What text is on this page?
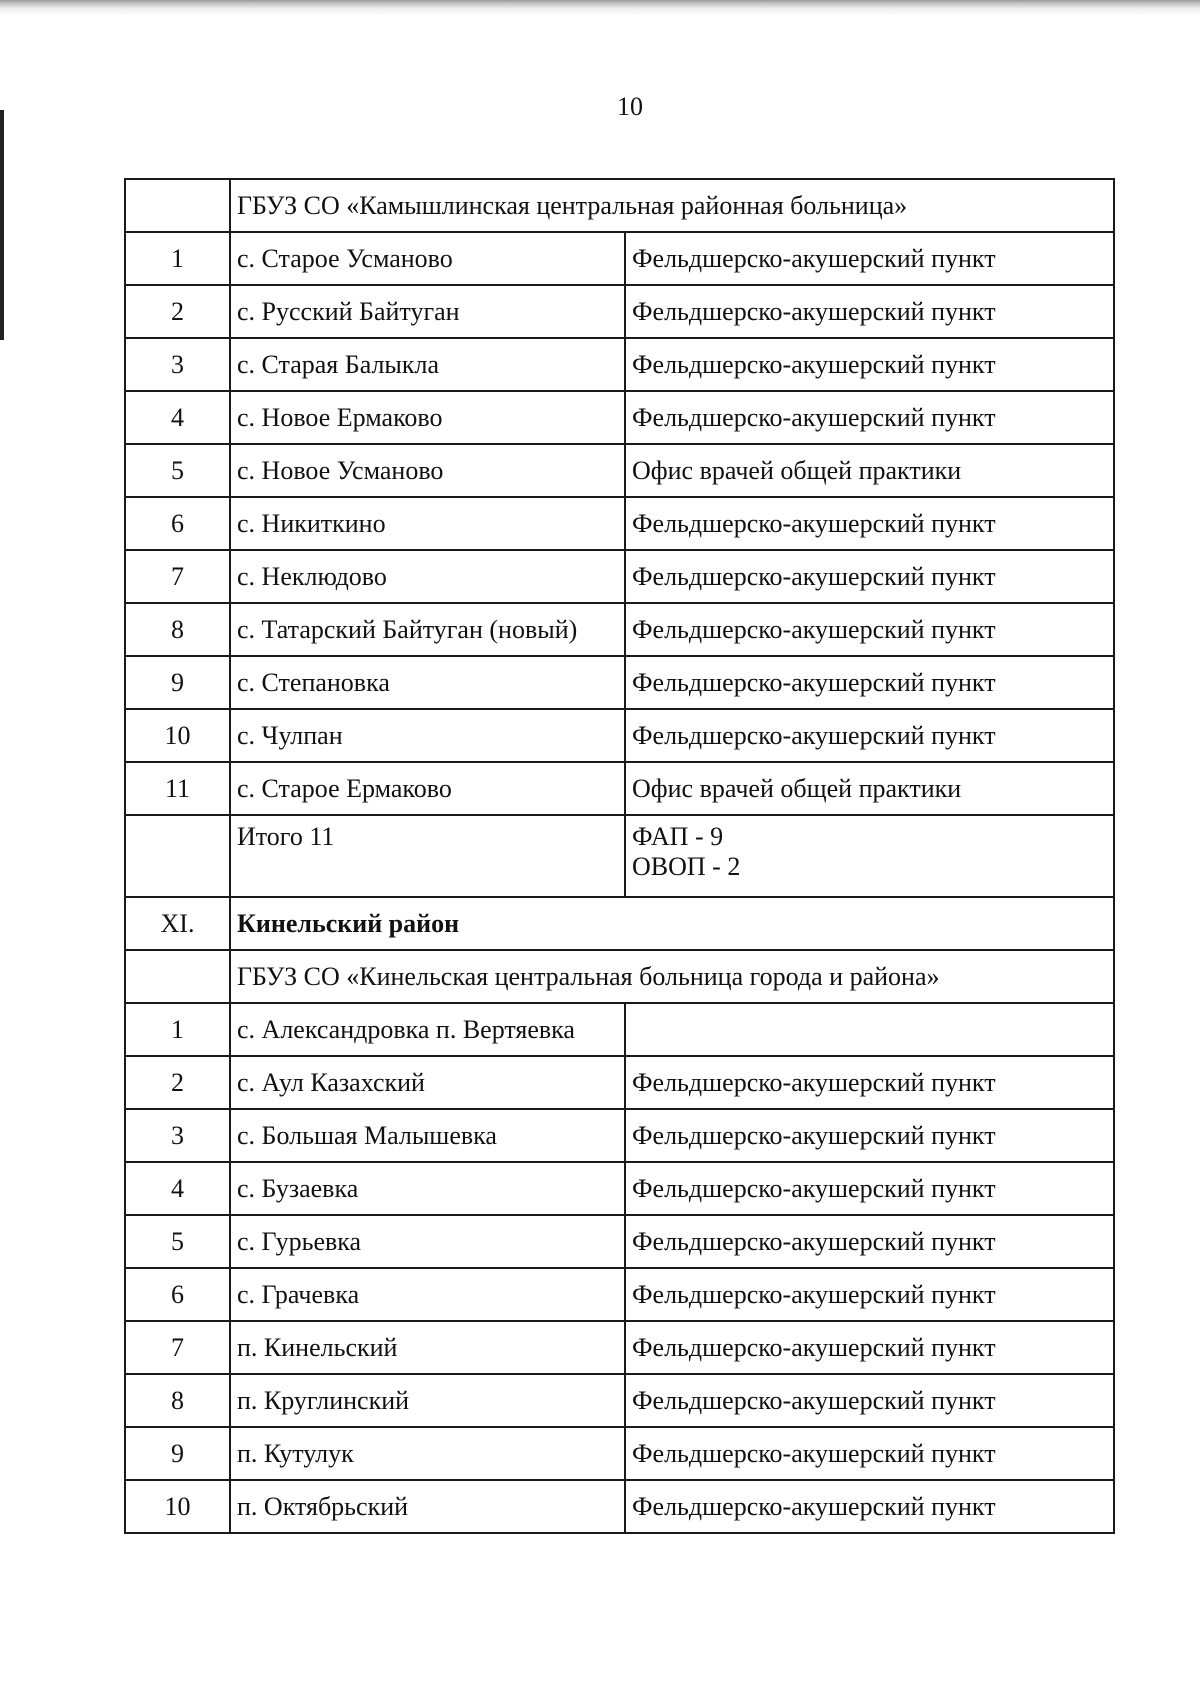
10
	ГБУЗ СО «Камышлинская центральная районная больница»	
1	с. Старое Усманово	Фельдшерско-акушерский пункт
2	с. Русский Байтуган	Фельдшерско-акушерский пункт
3	с. Старая Балыкла	Фельдшерско-акушерский пункт
4	с. Новое Ермаково	Фельдшерско-акушерский пункт
5	с. Новое Усманово	Офис врачей общей практики
6	с. Никиткино	Фельдшерско-акушерский пункт
7	с. Неклюдово	Фельдшерско-акушерский пункт
8	с. Татарский Байтуган (новый)	Фельдшерско-акушерский пункт
9	с. Степановка	Фельдшерско-акушерский пункт
10	с. Чулпан	Фельдшерско-акушерский пункт
11	с. Старое Ермаково	Офис врачей общей практики
	Итого 11	ФАП - 9
ОВОП - 2

XI.	Кинельский район	
	ГБУЗ СО «Кинельская центральная больница города и района»	
1	с. Александровка п. Вертяевка	
2	с. Аул Казахский	Фельдшерско-акушерский пункт
3	с. Большая Малышевка	Фельдшерско-акушерский пункт
4	с. Бузаевка	Фельдшерско-акушерский пункт
5	с. Гурьевка	Фельдшерско-акушерский пункт
6	с. Грачевка	Фельдшерско-акушерский пункт
7	п. Кинельский	Фельдшерско-акушерский пункт
8	п. Круглинский	Фельдшерско-акушерский пункт
9	п. Кутулук	Фельдшерско-акушерский пункт
10	п. Октябрьский	Фельдшерско-акушерский пункт
